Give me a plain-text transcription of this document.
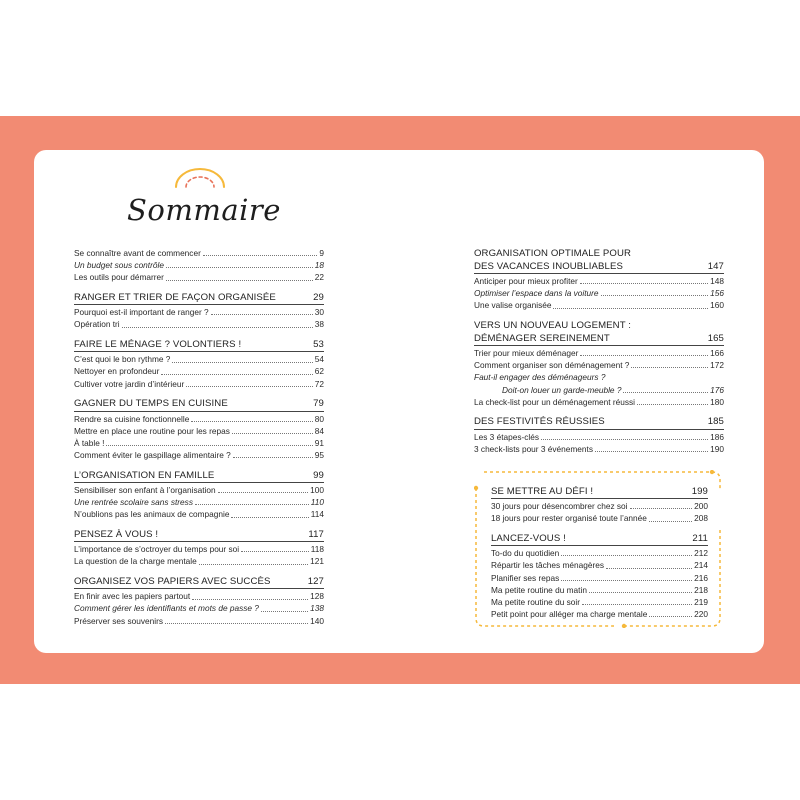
Sommaire
Se connaître avant de commencer	9
Un budget sous contrôle	18
Les outils pour démarrer	22
RANGER ET TRIER DE FAÇON ORGANISÉE	29
Pourquoi est-il important de ranger ?	30
Opération tri	38
FAIRE LE MÉNAGE ? VOLONTIERS !	53
C’est quoi le bon rythme ?	54
Nettoyer en profondeur	62
Cultiver votre jardin d’intérieur	72
GAGNER DU TEMPS EN CUISINE	79
Rendre sa cuisine fonctionnelle	80
Mettre en place une routine pour les repas	84
À table !	91
Comment éviter le gaspillage alimentaire ?	95
L’ORGANISATION EN FAMILLE	99
Sensibiliser son enfant à l’organisation	100
Une rentrée scolaire sans stress	110
N’oublions pas les animaux de compagnie	114
PENSEZ À VOUS !	117
L’importance de s’octroyer du temps pour soi	118
La question de la charge mentale	121
ORGANISEZ VOS PAPIERS AVEC SUCCÈS	127
En finir avec les papiers partout	128
Comment gérer les identifiants et mots de passe ?	138
Préserver ses souvenirs	140
ORGANISATION OPTIMALE POUR
DES VACANCES INOUBLIABLES	147
Anticiper pour mieux profiter	148
Optimiser l’espace dans la voiture	156
Une valise organisée	160
VERS UN NOUVEAU LOGEMENT :
DÉMÉNAGER SEREINEMENT	165
Trier pour mieux déménager	166
Comment organiser son déménagement ?	172
Faut-il engager des déménageurs ?
Doit-on louer un garde-meuble ?	176
La check-list pour un déménagement réussi	180
DES FESTIVITÉS RÉUSSIES	185
Les 3 étapes-clés	186
3 check-lists pour 3 événements	190
SE METTRE AU DÉFI !	199
30 jours pour désencombrer chez soi	200
18 jours pour rester organisé toute l’année	208
LANCEZ-VOUS !	211
To-do du quotidien	212
Répartir les tâches ménagères	214
Planifier ses repas	216
Ma petite routine du matin	218
Ma petite routine du soir	219
Petit point pour alléger ma charge mentale	220
